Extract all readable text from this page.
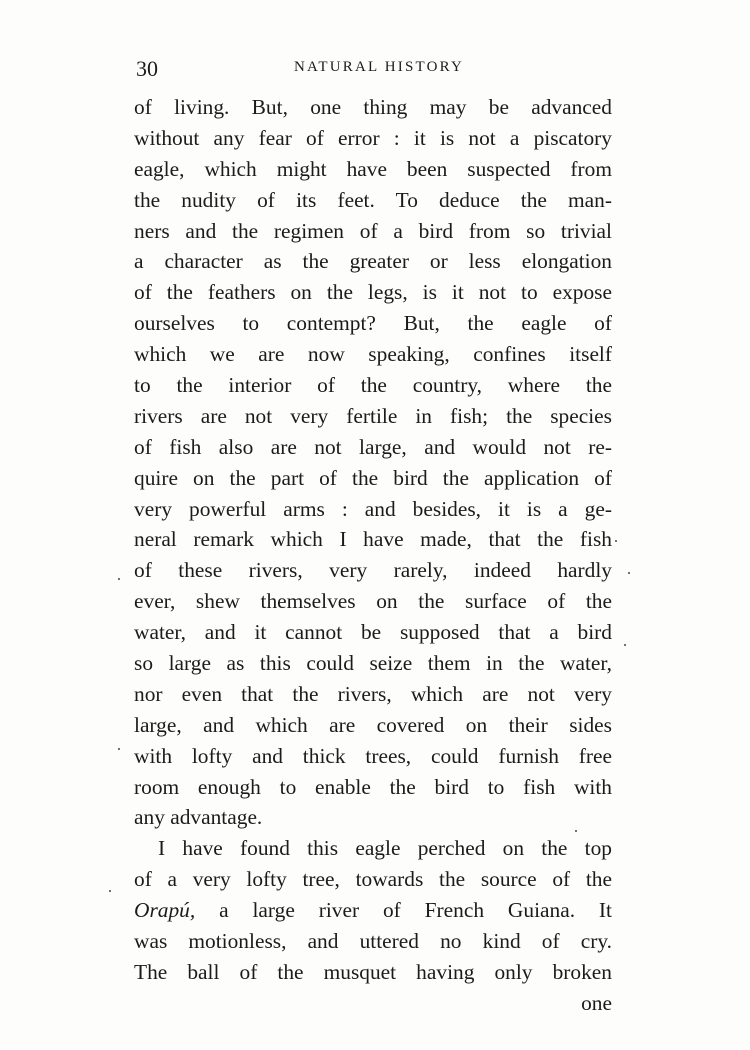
30	NATURAL HISTORY
of living. But, one thing may be advanced
without any fear of error : it is not a piscatory
eagle, which might have been suspected from
the nudity of its feet. To deduce the man-
ners and the regimen of a bird from so trivial
a character as the greater or less elongation
of the feathers on the legs, is it not to expose
ourselves to contempt? But, the eagle of
which we are now speaking, confines itself
to the interior of the country, where the
rivers are not very fertile in fish; the species
of fish also are not large, and would not re-
quire on the part of the bird the application of
very powerful arms : and besides, it is a ge-
neral remark which I have made, that the fish
of these rivers, very rarely, indeed hardly
ever, shew themselves on the surface of the
water, and it cannot be supposed that a bird
so large as this could seize them in the water,
nor even that the rivers, which are not very
large, and which are covered on their sides
with lofty and thick trees, could furnish free
room enough to enable the bird to fish with
any advantage.
I have found this eagle perched on the top
of a very lofty tree, towards the source of the
Orapú, a large river of French Guiana. It
was motionless, and uttered no kind of cry.
The ball of the musquet having only broken
one
